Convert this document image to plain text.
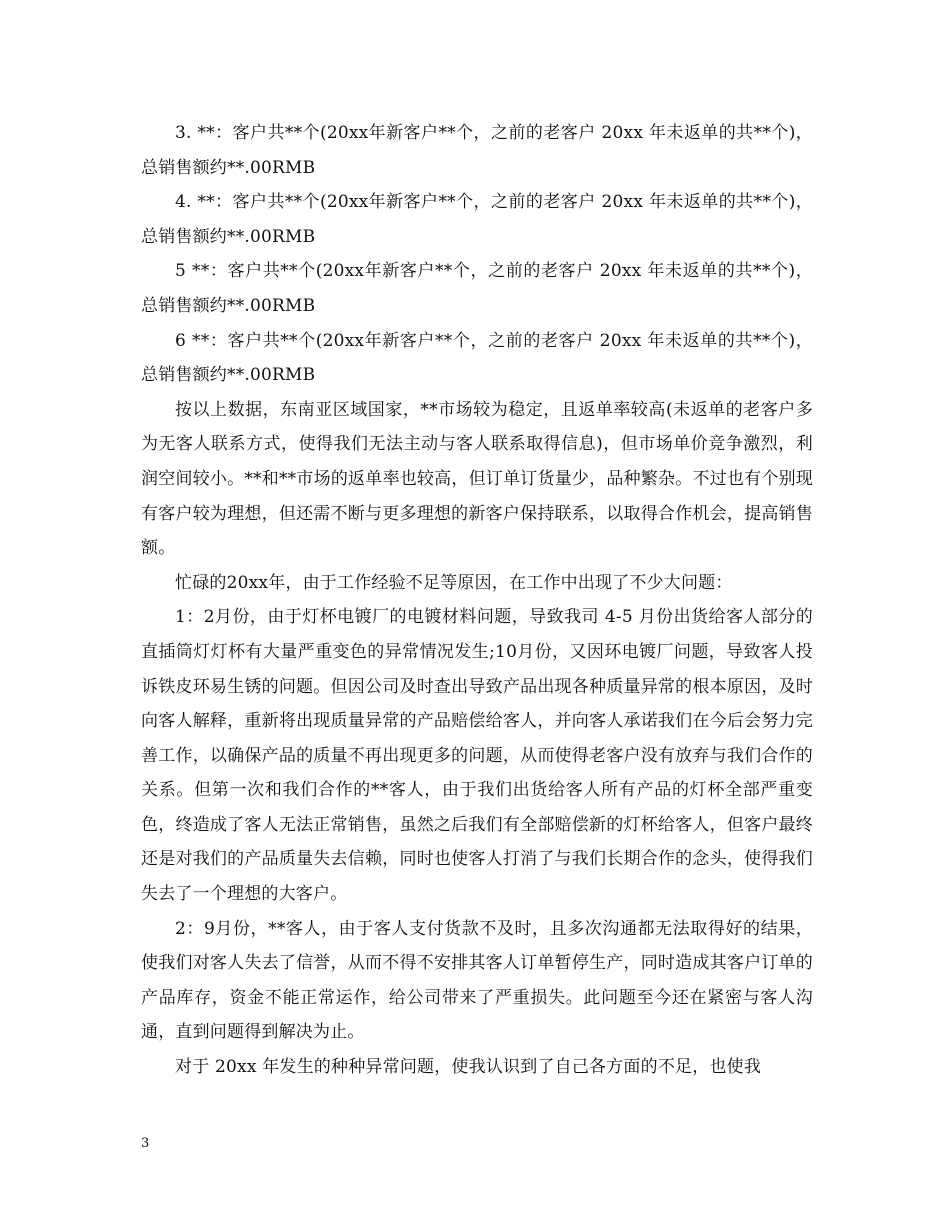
3. **：客户共**个(20xx年新客户**个，之前的老客户 20xx 年未返单的共**个)，总销售额约**.00RMB

4. **：客户共**个(20xx年新客户**个，之前的老客户 20xx 年未返单的共**个)，总销售额约**.00RMB

5 **：客户共**个(20xx年新客户**个，之前的老客户 20xx 年未返单的共**个)，总销售额约**.00RMB

6 **：客户共**个(20xx年新客户**个，之前的老客户 20xx 年未返单的共**个)，总销售额约**.00RMB

按以上数据，东南亚区域国家，**市场较为稳定，且返单率较高(未返单的老客户多为无客人联系方式，使得我们无法主动与客人联系取得信息)，但市场单价竞争激烈，利润空间较小。**和**市场的返单率也较高，但订单订货量少，品种繁杂。不过也有个别现有客户较为理想，但还需不断与更多理想的新客户保持联系，以取得合作机会，提高销售额。

忙碌的20xx年，由于工作经验不足等原因，在工作中出现了不少大问题：

1：2月份，由于灯杯电镀厂的电镀材料问题，导致我司 4-5 月份出货给客人部分的直插筒灯灯杯有大量严重变色的异常情况发生;10月份，又因环电镀厂问题，导致客人投诉铁皮环易生锈的问题。但因公司及时查出导致产品出现各种质量异常的根本原因，及时向客人解释，重新将出现质量异常的产品赔偿给客人，并向客人承诺我们在今后会努力完善工作，以确保产品的质量不再出现更多的问题，从而使得老客户没有放弃与我们合作的关系。但第一次和我们合作的**客人，由于我们出货给客人所有产品的灯杯全部严重变色，终造成了客人无法正常销售，虽然之后我们有全部赔偿新的灯杯给客人，但客户最终还是对我们的产品质量失去信赖，同时也使客人打消了与我们长期合作的念头，使得我们失去了一个理想的大客户。

2：9月份，**客人，由于客人支付货款不及时，且多次沟通都无法取得好的结果，使我们对客人失去了信誉，从而不得不安排其客人订单暂停生产，同时造成其客户订单的产品库存，资金不能正常运作，给公司带来了严重损失。此问题至今还在紧密与客人沟通，直到问题得到解决为止。

对于 20xx 年发生的种种异常问题，使我认识到了自己各方面的不足，也使我

3
